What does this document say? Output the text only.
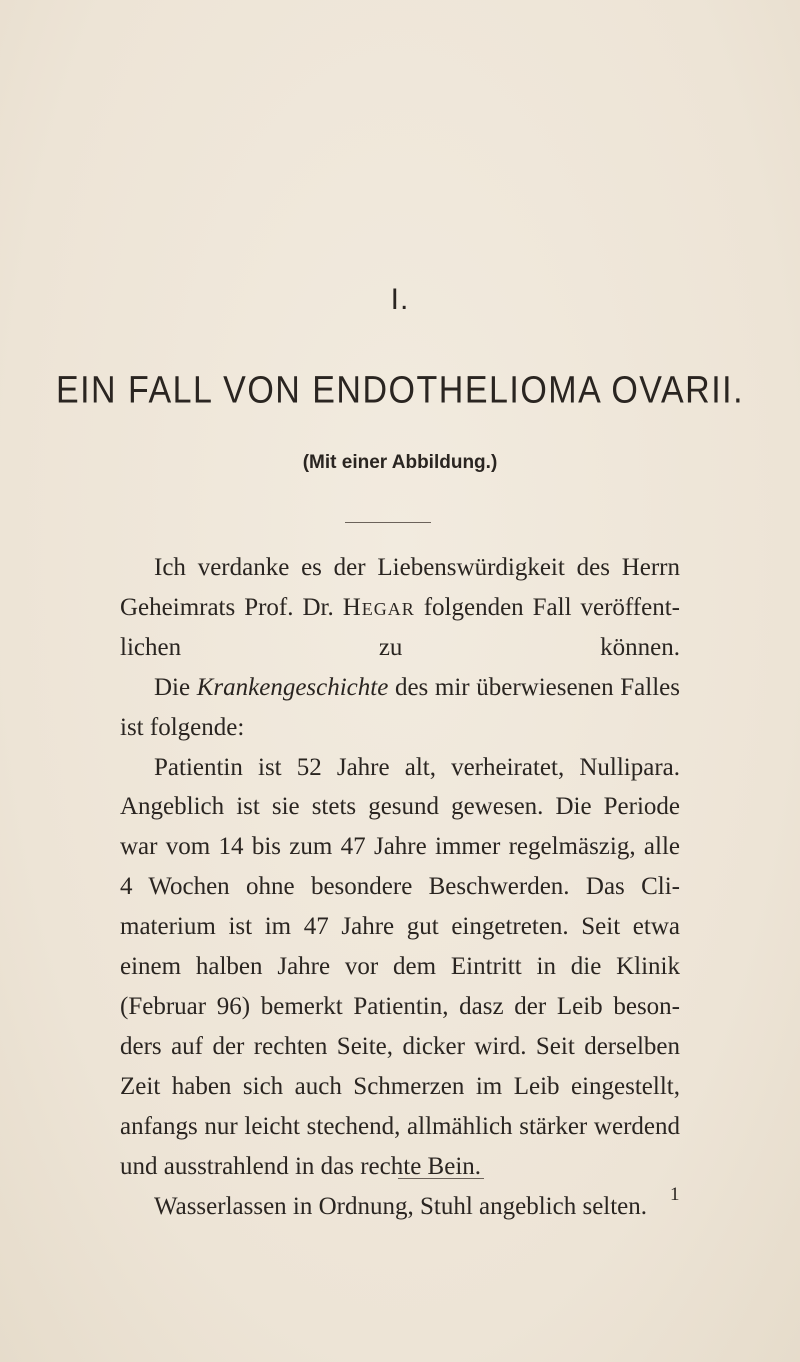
I.
EIN FALL VON ENDOTHELIOMA OVARII.
(Mit einer Abbildung.)

Ich verdanke es der Liebenswürdigkeit des Herrn Geheimrats Prof. Dr. Hegar folgenden Fall veröffentlichen zu können.

Die Krankengeschichte des mir überwiesenen Falles ist folgende:

Patientin ist 52 Jahre alt, verheiratet, Nullipara. Angeblich ist sie stets gesund gewesen. Die Periode war vom 14 bis zum 47 Jahre immer regelmäszig, alle 4 Wochen ohne besondere Beschwerden. Das Climaterium ist im 47 Jahre gut eingetreten. Seit etwa einem halben Jahre vor dem Eintritt in die Klinik (Februar 96) bemerkt Patientin, dasz der Leib besonders auf der rechten Seite, dicker wird. Seit derselben Zeit haben sich auch Schmerzen im Leib eingestellt, anfangs nur leicht stechend, allmählich stärker werdend und ausstrahlend in das rechte Bein.

Wasserlassen in Ordnung, Stuhl angeblich selten.	1
